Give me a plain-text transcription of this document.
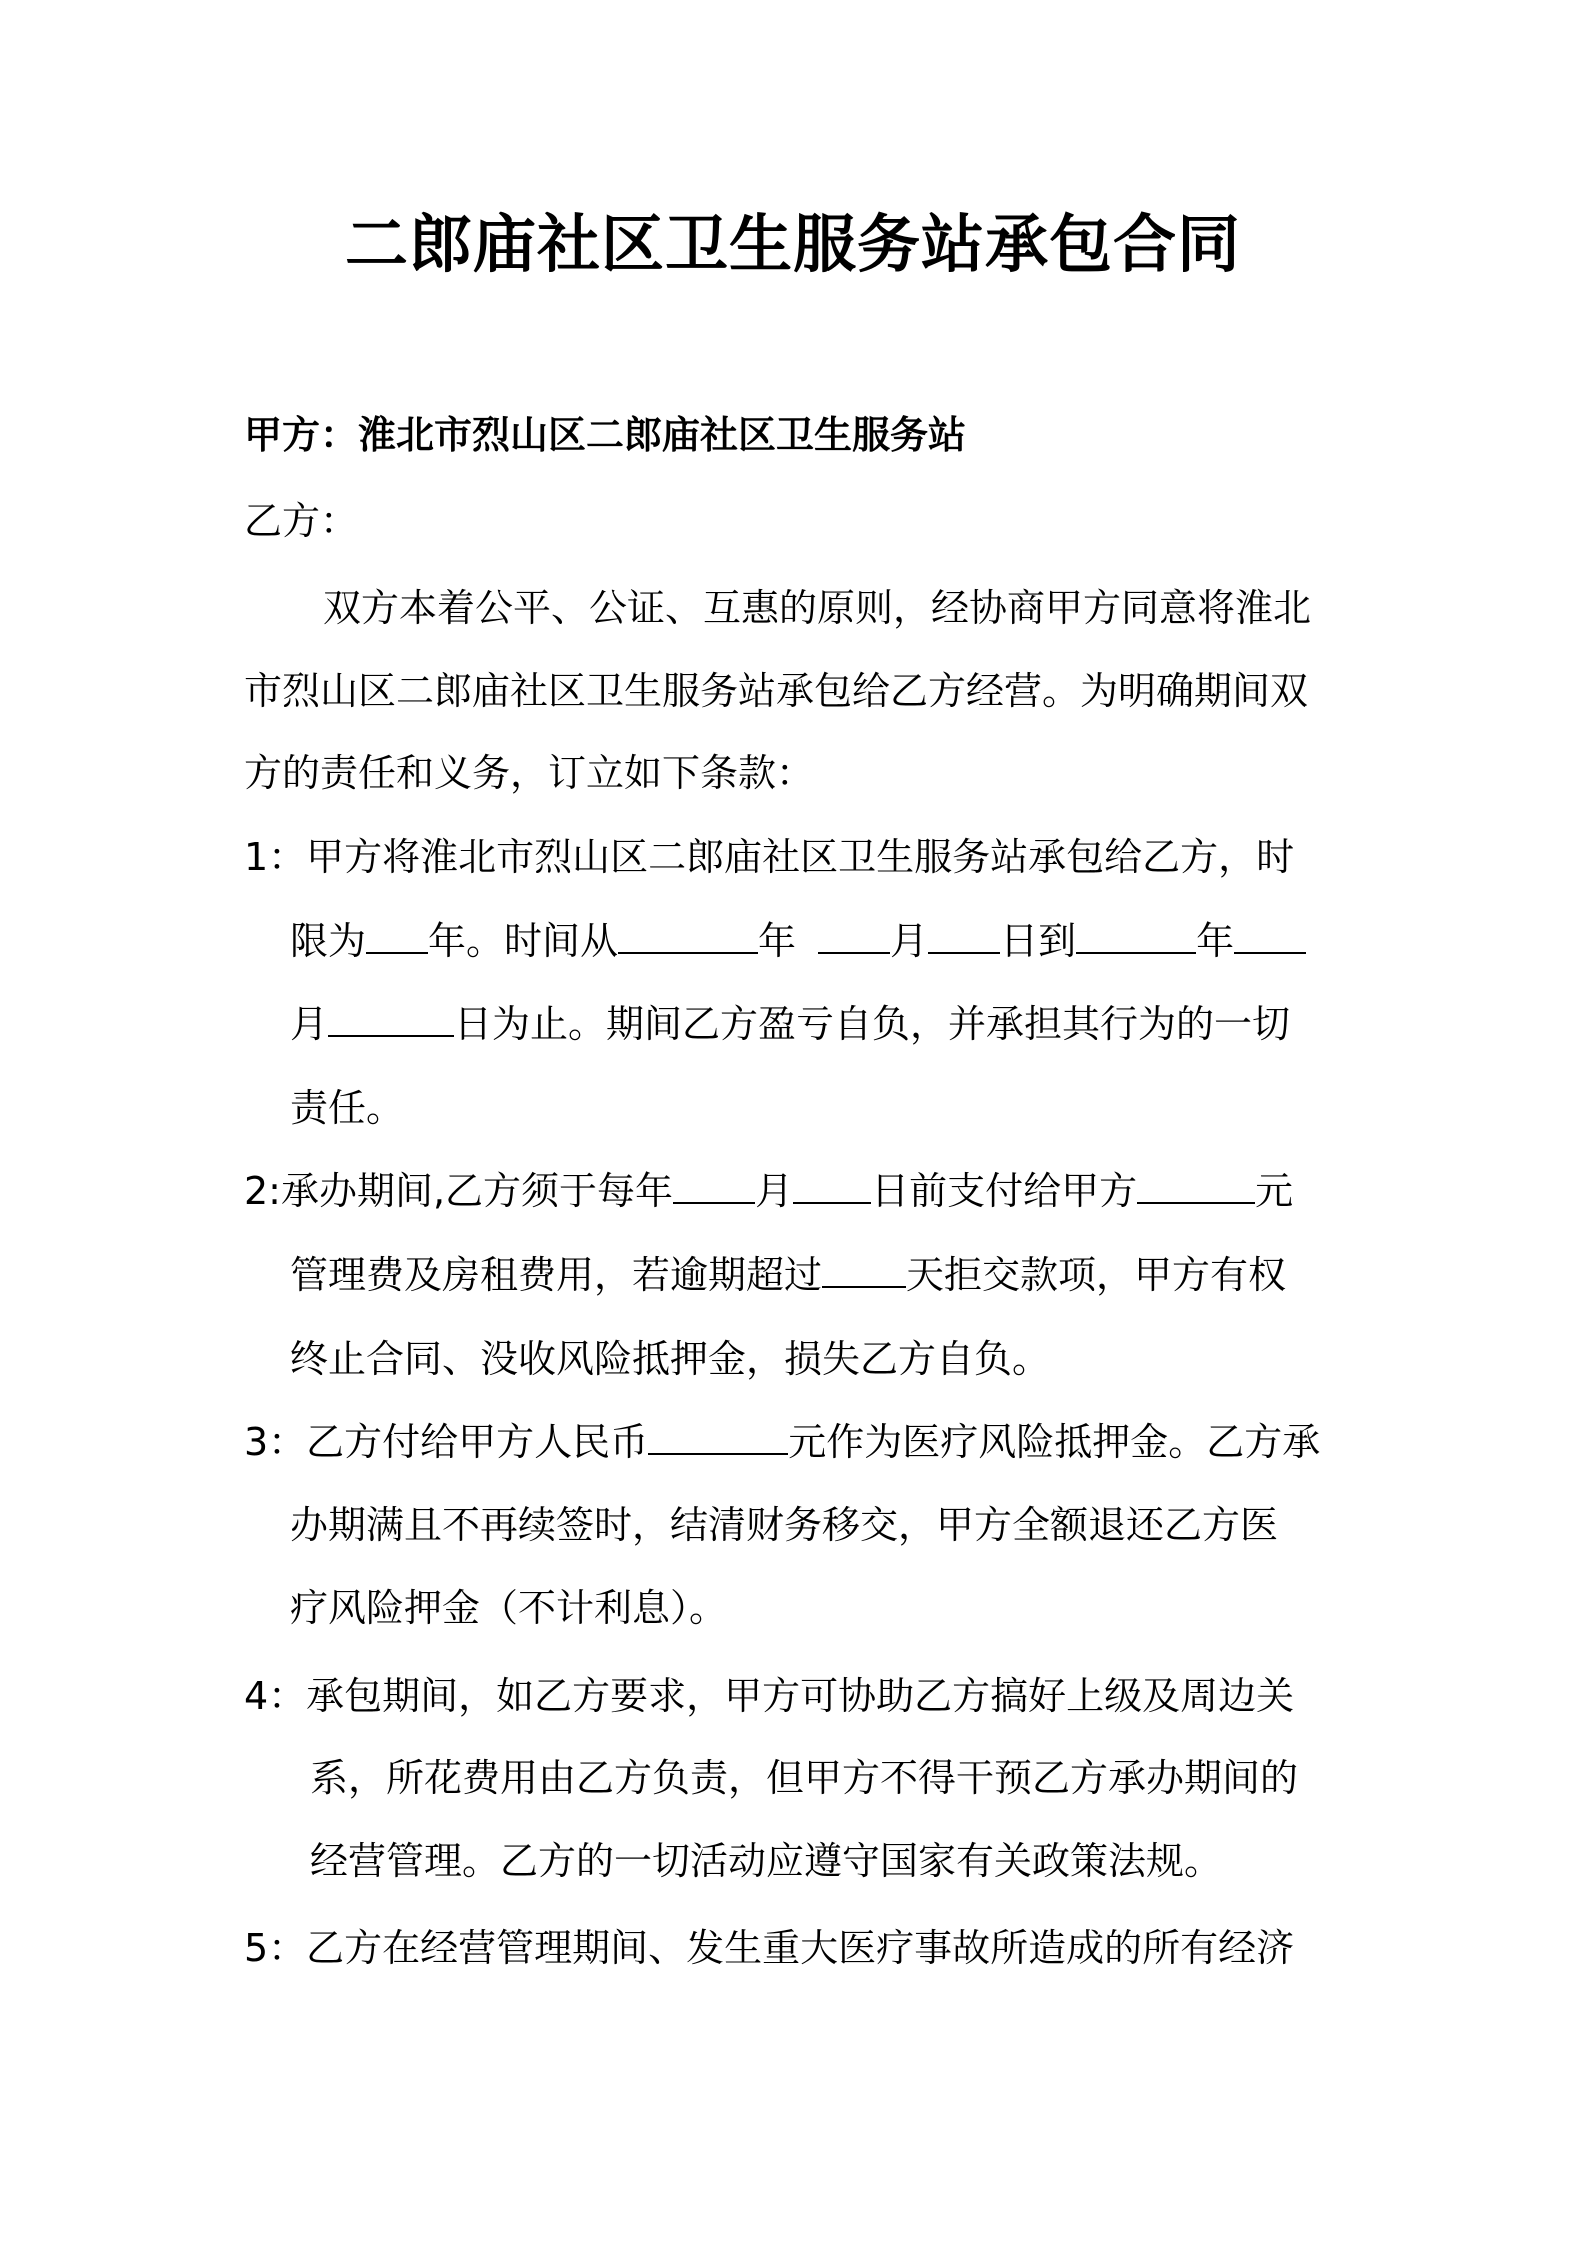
二郎庙社区卫生服务站承包合同
甲方：淮北市烈山区二郎庙社区卫生服务站
乙方：
双方本着公平、公证、互惠的原则，经协商甲方同意将淮北
市烈山区二郎庙社区卫生服务站承包给乙方经营。为明确期间双
方的责任和义务，订立如下条款：
1：甲方将淮北市烈山区二郎庙社区卫生服务站承包给乙方，时
限为 年。时间从	年 月 日到	年
月	日为止。期间乙方盈亏自负，并承担其行为的一切
责任。
2:承办期间,乙方须于每年 月 日前支付给甲方	元
管理费及房租费用，若逾期超过 天拒交款项，甲方有权
终止合同、没收风险抵押金，损失乙方自负。
3：乙方付给甲方人民币	元作为医疗风险抵押金。乙方承
办期满且不再续签时，结清财务移交，甲方全额退还乙方医
疗风险押金（不计利息）。
4：承包期间，如乙方要求，甲方可协助乙方搞好上级及周边关
系，所花费用由乙方负责，但甲方不得干预乙方承办期间的
经营管理。乙方的一切活动应遵守国家有关政策法规。
5：乙方在经营管理期间、发生重大医疗事故所造成的所有经济
